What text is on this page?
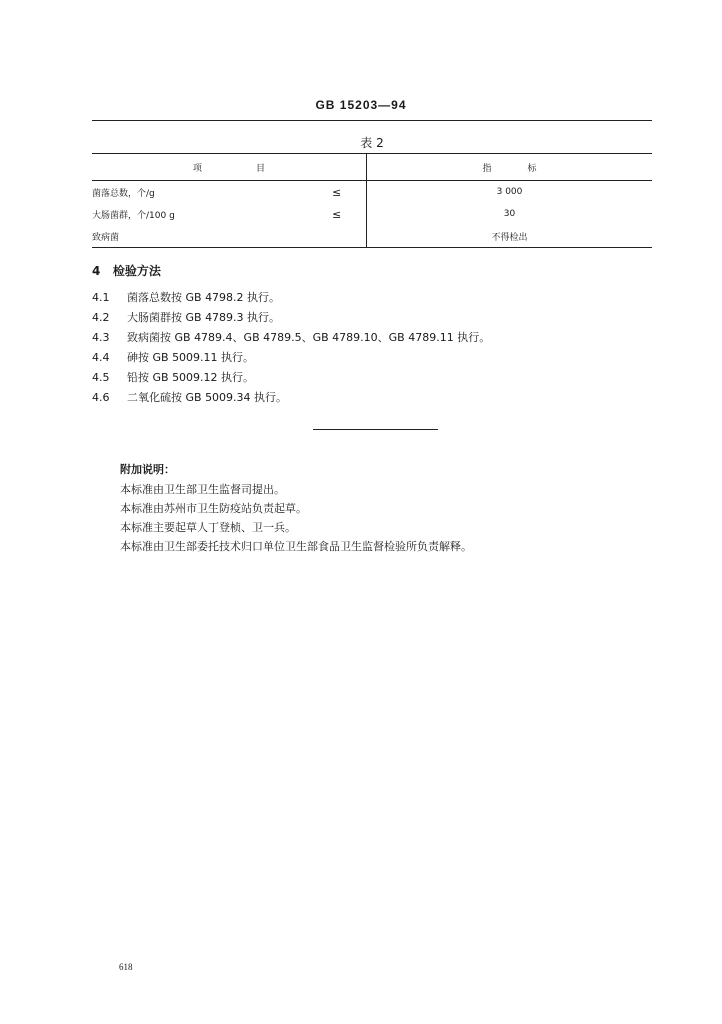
GB 15203—94
表 2
项　　　　　　目		指　　　　标
菌落总数，个/g	≤	3 000
大肠菌群，个/100 g	≤	30
致病菌		不得检出
4 检验方法
4.1 菌落总数按 GB 4798.2 执行。
4.2 大肠菌群按 GB 4789.3 执行。
4.3 致病菌按 GB 4789.4、GB 4789.5、GB 4789.10、GB 4789.11 执行。
4.4 砷按 GB 5009.11 执行。
4.5 铅按 GB 5009.12 执行。
4.6 二氧化硫按 GB 5009.34 执行。
附加说明：
本标准由卫生部卫生监督司提出。
本标准由苏州市卫生防疫站负责起草。
本标准主要起草人丁登桢、卫一兵。
本标准由卫生部委托技术归口单位卫生部食品卫生监督检验所负责解释。
618
